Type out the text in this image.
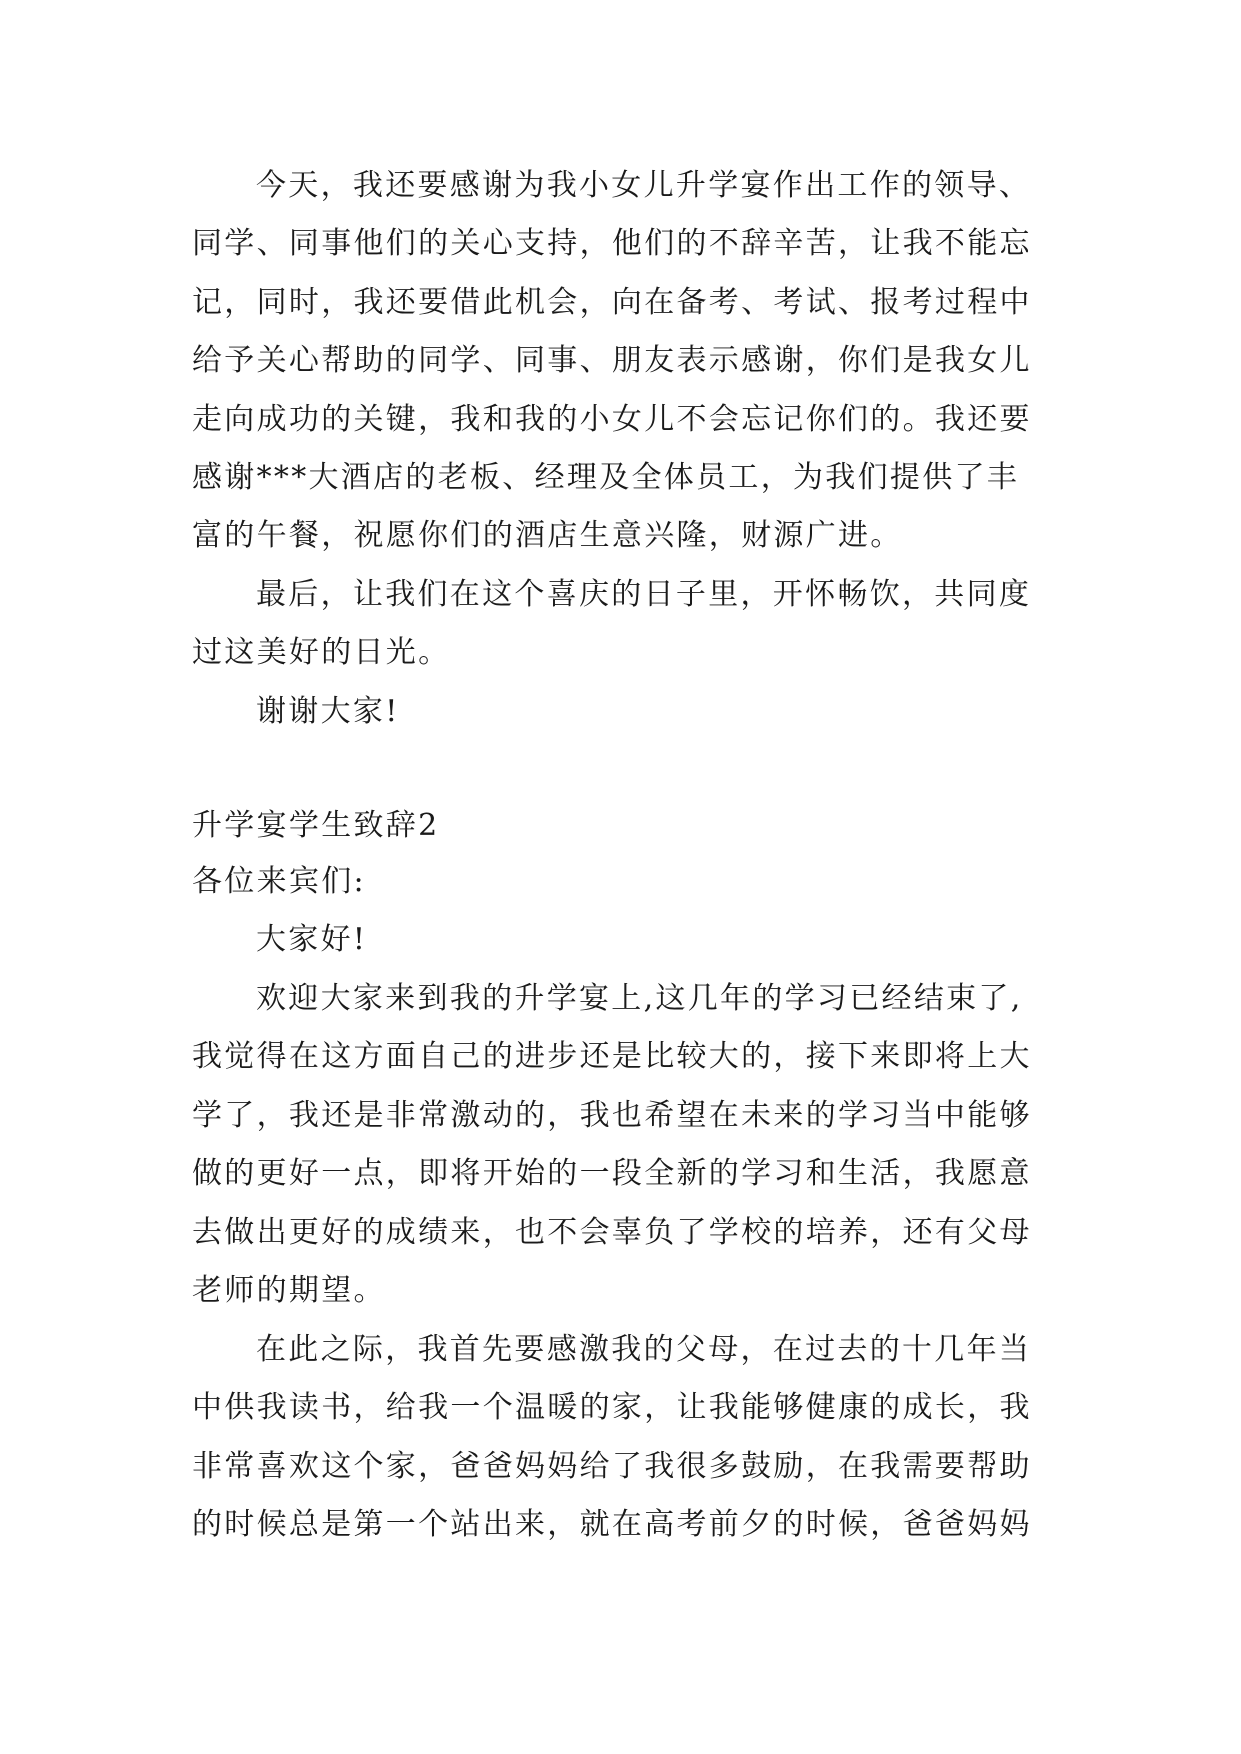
今天，我还要感谢为我小女儿升学宴作出工作的领导、
同学、同事他们的关心支持，他们的不辞辛苦，让我不能忘
记，同时，我还要借此机会，向在备考、考试、报考过程中
给予关心帮助的同学、同事、朋友表示感谢，你们是我女儿
走向成功的关键，我和我的小女儿不会忘记你们的。我还要
感谢***大酒店的老板、经理及全体员工，为我们提供了丰
富的午餐，祝愿你们的酒店生意兴隆，财源广进。
最后，让我们在这个喜庆的日子里，开怀畅饮，共同度
过这美好的日光。
谢谢大家!
升学宴学生致辞2
各位来宾们:
大家好!
欢迎大家来到我的升学宴上,这几年的学习已经结束了,
我觉得在这方面自己的进步还是比较大的，接下来即将上大
学了，我还是非常激动的，我也希望在未来的学习当中能够
做的更好一点，即将开始的一段全新的学习和生活，我愿意
去做出更好的成绩来，也不会辜负了学校的培养，还有父母
老师的期望。
在此之际，我首先要感激我的父母，在过去的十几年当
中供我读书，给我一个温暖的家，让我能够健康的成长，我
非常喜欢这个家，爸爸妈妈给了我很多鼓励，在我需要帮助
的时候总是第一个站出来，就在高考前夕的时候，爸爸妈妈
